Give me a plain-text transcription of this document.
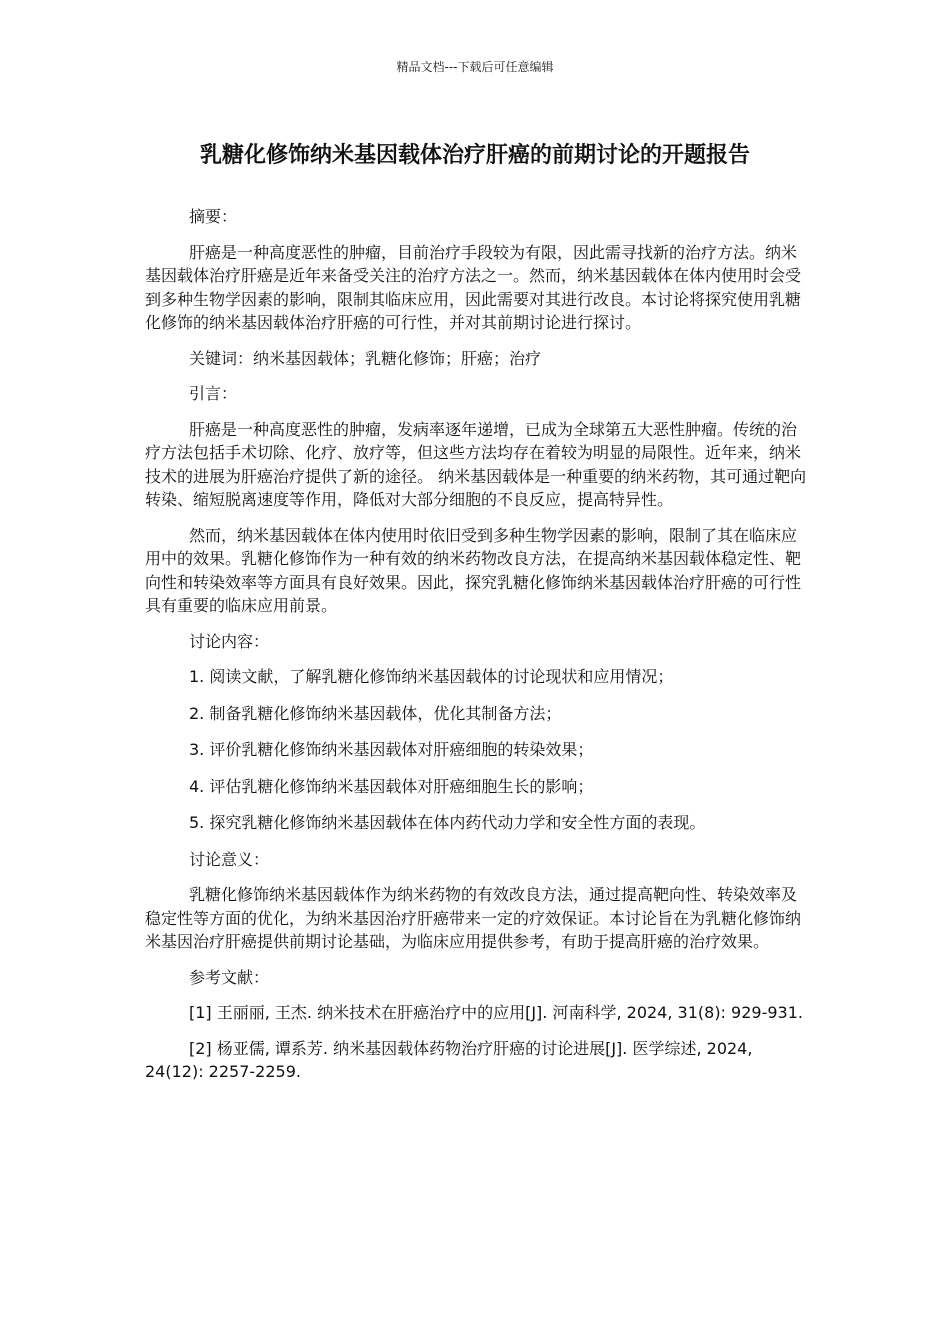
精品文档---下载后可任意编辑
乳糖化修饰纳米基因载体治疗肝癌的前期讨论的开题报告

摘要：

肝癌是一种高度恶性的肿瘤，目前治疗手段较为有限，因此需寻找新的治疗方法。纳米基因载体治疗肝癌是近年来备受关注的治疗方法之一。然而，纳米基因载体在体内使用时会受到多种生物学因素的影响，限制其临床应用，因此需要对其进行改良。本讨论将探究使用乳糖化修饰的纳米基因载体治疗肝癌的可行性，并对其前期讨论进行探讨。

关键词：纳米基因载体；乳糖化修饰；肝癌；治疗

引言：

肝癌是一种高度恶性的肿瘤，发病率逐年递增，已成为全球第五大恶性肿瘤。传统的治疗方法包括手术切除、化疗、放疗等，但这些方法均存在着较为明显的局限性。近年来，纳米技术的进展为肝癌治疗提供了新的途径。 纳米基因载体是一种重要的纳米药物，其可通过靶向转染、缩短脱离速度等作用，降低对大部分细胞的不良反应，提高特异性。

然而，纳米基因载体在体内使用时依旧受到多种生物学因素的影响，限制了其在临床应用中的效果。乳糖化修饰作为一种有效的纳米药物改良方法，在提高纳米基因载体稳定性、靶向性和转染效率等方面具有良好效果。因此，探究乳糖化修饰纳米基因载体治疗肝癌的可行性具有重要的临床应用前景。

讨论内容：

1. 阅读文献，了解乳糖化修饰纳米基因载体的讨论现状和应用情况；

2. 制备乳糖化修饰纳米基因载体，优化其制备方法；

3. 评价乳糖化修饰纳米基因载体对肝癌细胞的转染效果；

4. 评估乳糖化修饰纳米基因载体对肝癌细胞生长的影响；

5. 探究乳糖化修饰纳米基因载体在体内药代动力学和安全性方面的表现。

讨论意义：

乳糖化修饰纳米基因载体作为纳米药物的有效改良方法，通过提高靶向性、转染效率及稳定性等方面的优化，为纳米基因治疗肝癌带来一定的疗效保证。本讨论旨在为乳糖化修饰纳米基因治疗肝癌提供前期讨论基础，为临床应用提供参考，有助于提高肝癌的治疗效果。

参考文献：

[1] 王丽丽, 王杰. 纳米技术在肝癌治疗中的应用[J]. 河南科学, 2024, 31(8): 929-931.

[2] 杨亚儒, 谭系芳. 纳米基因载体药物治疗肝癌的讨论进展[J]. 医学综述, 2024, 24(12): 2257-2259.
